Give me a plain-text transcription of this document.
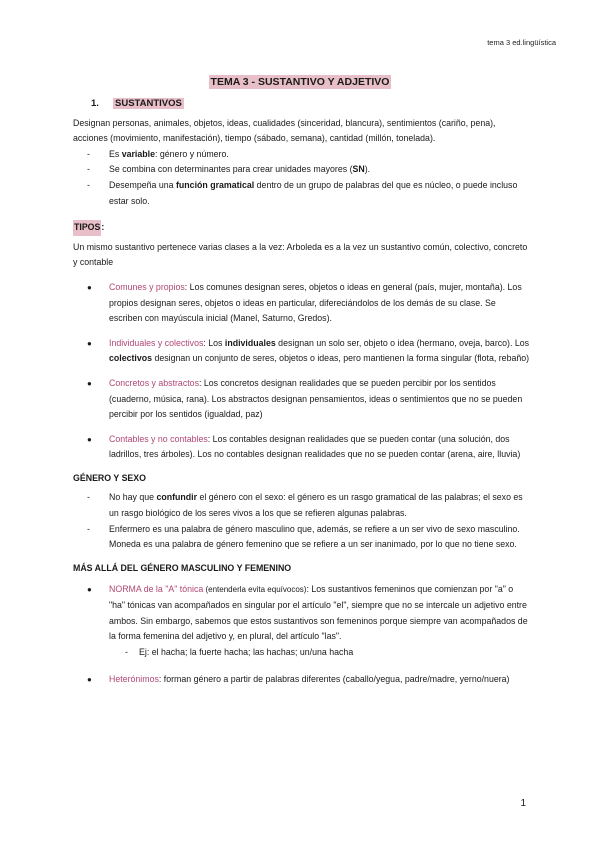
tema 3 ed.lingüística
TEMA 3 - SUSTANTIVO Y ADJETIVO
1. SUSTANTIVOS

Designan personas, animales, objetos, ideas, cualidades (sinceridad, blancura), sentimientos (cariño, pena), acciones (movimiento, manifestación), tiempo (sábado, semana), cantidad (millón, tonelada).

- Es variable: género y número.
- Se combina con determinantes para crear unidades mayores (SN).
- Desempeña una función gramatical dentro de un grupo de palabras del que es núcleo, o puede incluso estar solo.
TIPOS:

Un mismo sustantivo pertenece varias clases a la vez: Arboleda es a la vez un sustantivo común, colectivo, concreto y contable

● Comunes y propios: Los comunes designan seres, objetos o ideas en general (país, mujer, montaña). Los propios designan seres, objetos o ideas en particular, difereciándolos de los demás de su clase. Se escriben con mayúscula inicial (Manel, Saturno, Gredos).
● Individuales y colectivos: Los individuales designan un solo ser, objeto o idea (hermano, oveja, barco). Los colectivos designan un conjunto de seres, objetos o ideas, pero mantienen la forma singular (flota, rebaño)
● Concretos y abstractos: Los concretos designan realidades que se pueden percibir por los sentidos (cuaderno, música, rana). Los abstractos designan pensamientos, ideas o sentimientos que no se pueden percibir por los sentidos (igualdad, paz)
● Contables y no contables: Los contables designan realidades que se pueden contar (una solución, dos ladrillos, tres árboles). Los no contables designan realidades que no se pueden contar (arena, aire, lluvia)
GÉNERO Y SEXO
- No hay que confundir el género con el sexo: el género es un rasgo gramatical de las palabras; el sexo es un rasgo biológico de los seres vivos a los que se refieren algunas palabras.
- Enfermero es una palabra de género masculino que, además, se refiere a un ser vivo de sexo masculino. Moneda es una palabra de género femenino que se refiere a un ser inanimado, por lo que no tiene sexo.
MÁS ALLÁ DEL GÉNERO MASCULINO Y FEMENINO
● NORMA de la "A" tónica (entenderla evita equívocos): Los sustantivos femeninos que comienzan por "a" o "ha" tónicas van acompañados en singular por el artículo "el", siempre que no se intercale un adjetivo entre ambos. Sin embargo, sabemos que estos sustantivos son femeninos porque siempre van acompañados de la forma femenina del adjetivo y, en plural, del artículo "las".
- Ej: el hacha; la fuerte hacha; las hachas; un/una hacha
● Heterónimos: forman género a partir de palabras diferentes (caballo/yegua, padre/madre, yerno/nuera)
1
